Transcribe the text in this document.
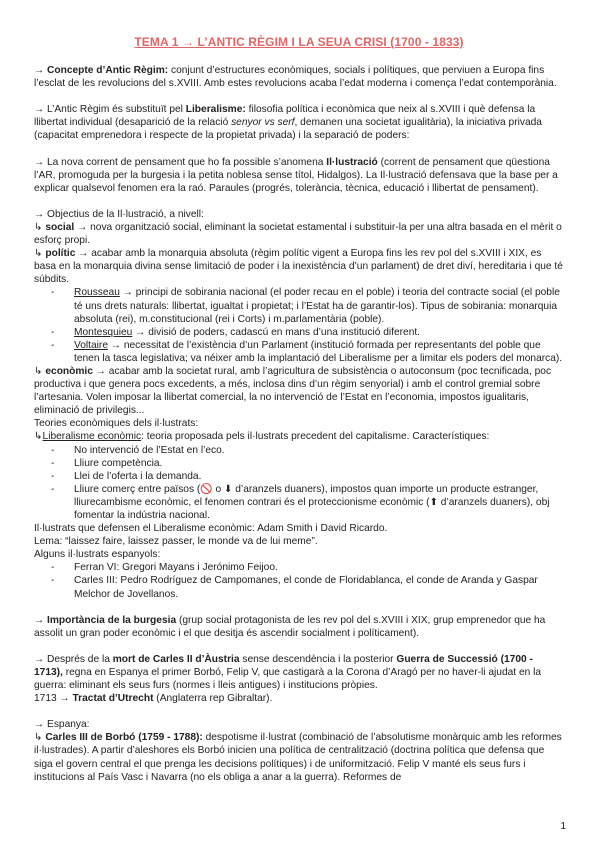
TEMA 1 → L’ANTIC RÈGIM I LA SEUA CRISI (1700 - 1833)

→ Concepte d’Antic Règim: conjunt d’estructures econòmiques, socials i polítiques, que perviuen a Europa fins l’esclat de les revolucions del s.XVIII. Amb estes revolucions acaba l’edat moderna i comença l’edat contemporània.

→ L’Antic Règim és substituït pel Liberalisme: filosofia política i econòmica que neix al s.XVIII i què defensa la llibertat individual (desaparició de la relació senyor vs serf, demanen una societat igualitària), la iniciativa privada (capacitat emprenedora i respecte de la propietat privada) i la separació de poders:

→ La nova corrent de pensament que ho fa possible s’anomena Il·lustració (corrent de pensament que qüestiona l’AR, promoguda per la burgesia i la petita noblesa sense títol, Hidalgos). La Il·lustració defensava que la base per a explicar qualsevol fenomen era la raó. Paraules (progrés, tolerància, tècnica, educació i llibertat de pensament).

→ Objectius de la Il·lustració, a nivell:

↳ social → nova organització social, eliminant la societat estamental i substituir-la per una altra basada en el mèrit o esforç propi.

↳ polític → acabar amb la monarquia absoluta (règim polític vigent a Europa fins les rev pol del s.XVIII i XIX, es basa en la monarquia divina sense limitació de poder i la inexistència d’un parlament) de dret diví, hereditaria i que té súbdits.

- Rousseau → principi de sobirania nacional (el poder recau en el poble) i teoria del contracte social (el poble té uns drets naturals: llibertat, igualtat i propietat; i l’Estat ha de garantir-los). Tipus de sobirania: monarquia absoluta (rei), m.constitucional (rei i Corts) i m.parlamentària (poble).
- Montesquieu → divisió de poders, cadascú en mans d’una institució diferent.
- Voltaire → necessitat de l’existència d’un Parlament (institució formada per representants del poble que tenen la tasca legislativa; va néixer amb la implantació del Liberalisme per a limitar els poders del monarca).

↳ econòmic → acabar amb la societat rural, amb l’agricultura de subsistència o autoconsum (poc tecnificada, poc productiva i que genera pocs excedents, a més, inclosa dins d’un règim senyorial) i amb el control gremial sobre l’artesania. Volen imposar la llibertat comercial, la no intervenció de l’Estat en l’economia, impostos igualitaris, eliminació de privilegis...

Teories econòmiques dels il·lustrats:

↳Liberalisme econòmic: teoria proposada pels il·lustrats precedent del capitalisme. Característiques:

- No intervenció de l’Estat en l’eco.
- Lliure competència.
- Llei de l’oferta i la demanda.
- Lliure comerç entre països (🚫 o ⬇ d’aranzels duaners), impostos quan importe un producte estranger, lliurecambisme econòmic, el fenomen contrari és el proteccionisme econòmic (⬆ d’aranzels duaners), obj fomentar la indústria nacional.

Il·lustrats que defensen el Liberalisme econòmic: Adam Smith i David Ricardo.

Lema: “laissez faire, laissez passer, le monde va de lui meme”.

Alguns il·lustrats espanyols:

- Ferran VI: Gregori Mayans i Jerónimo Feijoo.
- Carles III: Pedro Rodríguez de Campomanes, el conde de Floridablanca, el conde de Aranda y Gaspar Melchor de Jovellanos.

→ Importància de la burgesia (grup social protagonista de les rev pol del s.XVIII i XIX, grup emprenedor que ha assolit un gran poder econòmic i el que desitja és ascendir socialment i políticament).

→ Després de la mort de Carles II d’Àustria sense descendència i la posterior Guerra de Successió (1700 - 1713), regna en Espanya el primer Borbó, Felip V, que castigarà a la Corona d’Aragó per no haver-li ajudat en la guerra: eliminant els seus furs (normes i lleis antigues) i institucions pròpies.

1713 → Tractat d’Utrecht (Anglaterra rep Gibraltar).

→ Espanya:

↳ Carles III de Borbó (1759 - 1788): despotisme il·lustrat (combinació de l’absolutisme monàrquic amb les reformes il·lustrades). A partir d’aleshores els Borbó inicien una política de centralització (doctrina política que defensa que siga el govern central el que prenga les decisions polítiques) i de uniformització. Felip V manté els seus furs i institucions al País Vasc i Navarra (no els obliga a anar a la guerra). Reformes de

1
